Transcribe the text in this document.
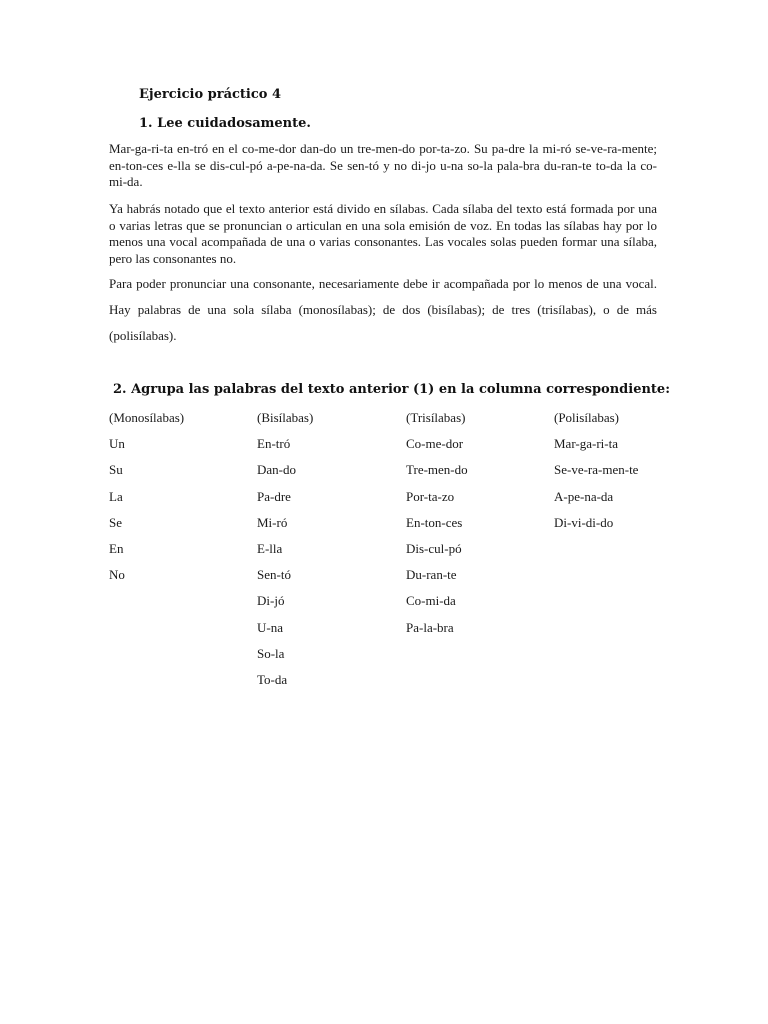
Ejercicio práctico 4
1. Lee cuidadosamente.
Mar-ga-ri-ta en-tró en el co-me-dor dan-do un tre-men-do por-ta-zo. Su pa-dre la mi-ró se-ve-ra-mente; en-ton-ces e-lla se dis-cul-pó a-pe-na-da. Se sen-tó y no di-jo u-na so-la pala-bra du-ran-te to-da la co-mi-da.
Ya habrás notado que el texto anterior está divido en sílabas. Cada sílaba del texto está formada por una o varias letras que se pronuncian o articulan en una sola emisión de voz. En todas las sílabas hay por lo menos una vocal acompañada de una o varias consonantes. Las vocales solas pueden formar una sílaba, pero las consonantes no.
Para poder pronunciar una consonante, necesariamente debe ir acompañada por lo menos de una vocal. Hay palabras de una sola sílaba (monosílabas); de dos (bisílabas); de tres (trisílabas), o de más (polisílabas).
2. Agrupa las palabras del texto anterior (1) en la columna correspondiente:
(Monosílabas)
Un
Su
La
Se
En
No
(Bisílabas)
En-tró
Dan-do
Pa-dre
Mi-ró
E-lla
Sen-tó
Di-jó
U-na
So-la
To-da
(Trisílabas)
Co-me-dor
Tre-men-do
Por-ta-zo
En-ton-ces
Dis-cul-pó
Du-ran-te
Co-mi-da
Pa-la-bra
(Polisílabas)
Mar-ga-ri-ta
Se-ve-ra-men-te
A-pe-na-da
Di-vi-di-do
